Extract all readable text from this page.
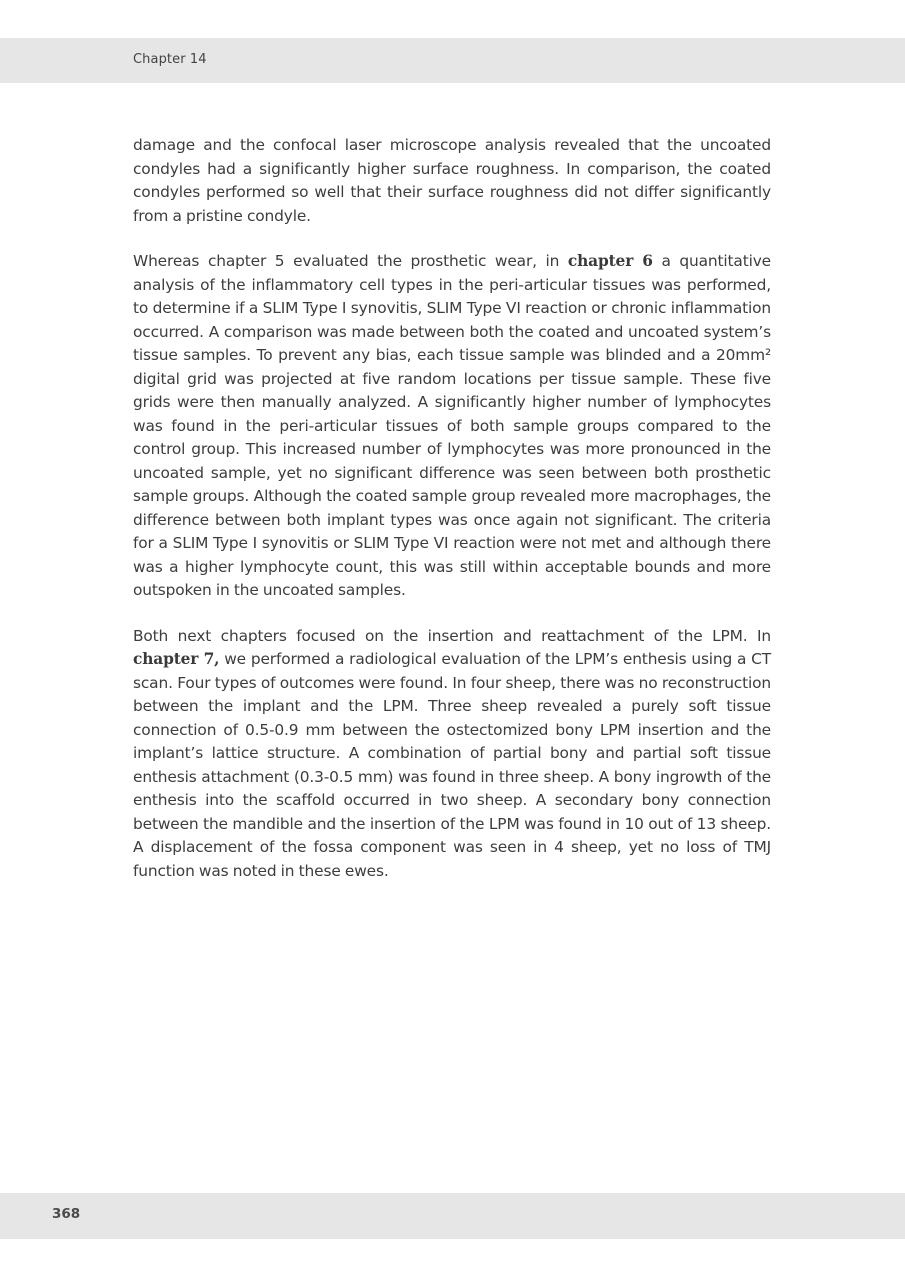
Chapter 14

damage and the confocal laser microscope analysis revealed that the uncoated condyles had a significantly higher surface roughness. In comparison, the coated condyles performed so well that their surface roughness did not differ significantly from a pristine condyle.

Whereas chapter 5 evaluated the prosthetic wear, in chapter 6 a quantitative analysis of the inflammatory cell types in the peri-articular tissues was performed, to determine if a SLIM Type I synovitis, SLIM Type VI reaction or chronic inflammation occurred. A comparison was made between both the coated and uncoated system’s tissue samples. To prevent any bias, each tissue sample was blinded and a 20mm² digital grid was projected at five random locations per tissue sample. These five grids were then manually analyzed. A significantly higher number of lymphocytes was found in the peri-articular tissues of both sample groups compared to the control group. This increased number of lymphocytes was more pronounced in the uncoated sample, yet no significant difference was seen between both prosthetic sample groups. Although the coated sample group revealed more macrophages, the difference between both implant types was once again not significant. The criteria for a SLIM Type I synovitis or SLIM Type VI reaction were not met and although there was a higher lymphocyte count, this was still within acceptable bounds and more outspoken in the uncoated samples.

Both next chapters focused on the insertion and reattachment of the LPM. In chapter 7, we performed a radiological evaluation of the LPM’s enthesis using a CT scan. Four types of outcomes were found. In four sheep, there was no reconstruction between the implant and the LPM. Three sheep revealed a purely soft tissue connection of 0.5-0.9 mm between the ostectomized bony LPM insertion and the implant’s lattice structure. A combination of partial bony and partial soft tissue enthesis attachment (0.3-0.5 mm) was found in three sheep. A bony ingrowth of the enthesis into the scaffold occurred in two sheep. A secondary bony connection between the mandible and the insertion of the LPM was found in 10 out of 13 sheep. A displacement of the fossa component was seen in 4 sheep, yet no loss of TMJ function was noted in these ewes.

368
